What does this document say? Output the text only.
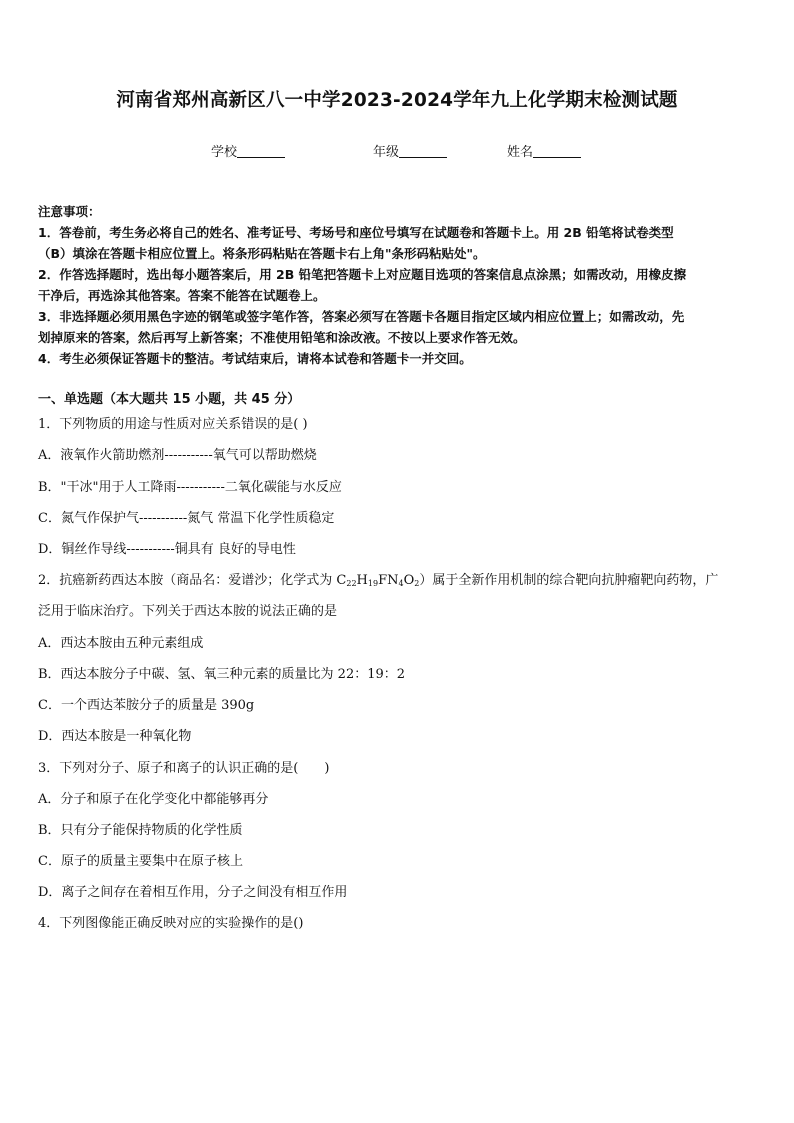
河南省郑州高新区八一中学2023-2024学年九上化学期末检测试题
学校	年级	姓名
注意事项：
1．答卷前，考生务必将自己的姓名、准考证号、考场号和座位号填写在试题卷和答题卡上。用 2B 铅笔将试卷类型
（B）填涂在答题卡相应位置上。将条形码粘贴在答题卡右上角"条形码粘贴处"。
2．作答选择题时，选出每小题答案后，用 2B 铅笔把答题卡上对应题目选项的答案信息点涂黑；如需改动，用橡皮擦
干净后，再选涂其他答案。答案不能答在试题卷上。
3．非选择题必须用黑色字迹的钢笔或签字笔作答，答案必须写在答题卡各题目指定区域内相应位置上；如需改动，先
划掉原来的答案，然后再写上新答案；不准使用铅笔和涂改液。不按以上要求作答无效。
4．考生必须保证答题卡的整洁。考试结束后，请将本试卷和答题卡一并交回。
一、单选题（本大题共 15 小题，共 45 分）
1．下列物质的用途与性质对应关系错误的是( )
A．液氧作火箭助燃剂-----------氧气可以帮助燃烧
B．"干冰"用于人工降雨-----------二氧化碳能与水反应
C．氮气作保护气-----------氮气 常温下化学性质稳定
D．铜丝作导线-----------铜具有 良好的导电性
2．抗癌新药西达本胺（商品名：爱谱沙；化学式为 $C_{22}H_{19}FN_4O_2$）属于全新作用机制的综合靶向抗肿瘤靶向药物，广
泛用于临床治疗。下列关于西达本胺的说法正确的是
A．西达本胺由五种元素组成
B．西达本胺分子中碳、氢、氧三种元素的质量比为 22：19：2
C．一个西达苯胺分子的质量是 390g
D．西达本胺是一种氧化物
3．下列对分子、原子和离子的认识正确的是(　　)
A．分子和原子在化学变化中都能够再分
B．只有分子能保持物质的化学性质
C．原子的质量主要集中在原子核上
D．离子之间存在着相互作用，分子之间没有相互作用
4．下列图像能正确反映对应的实验操作的是()
